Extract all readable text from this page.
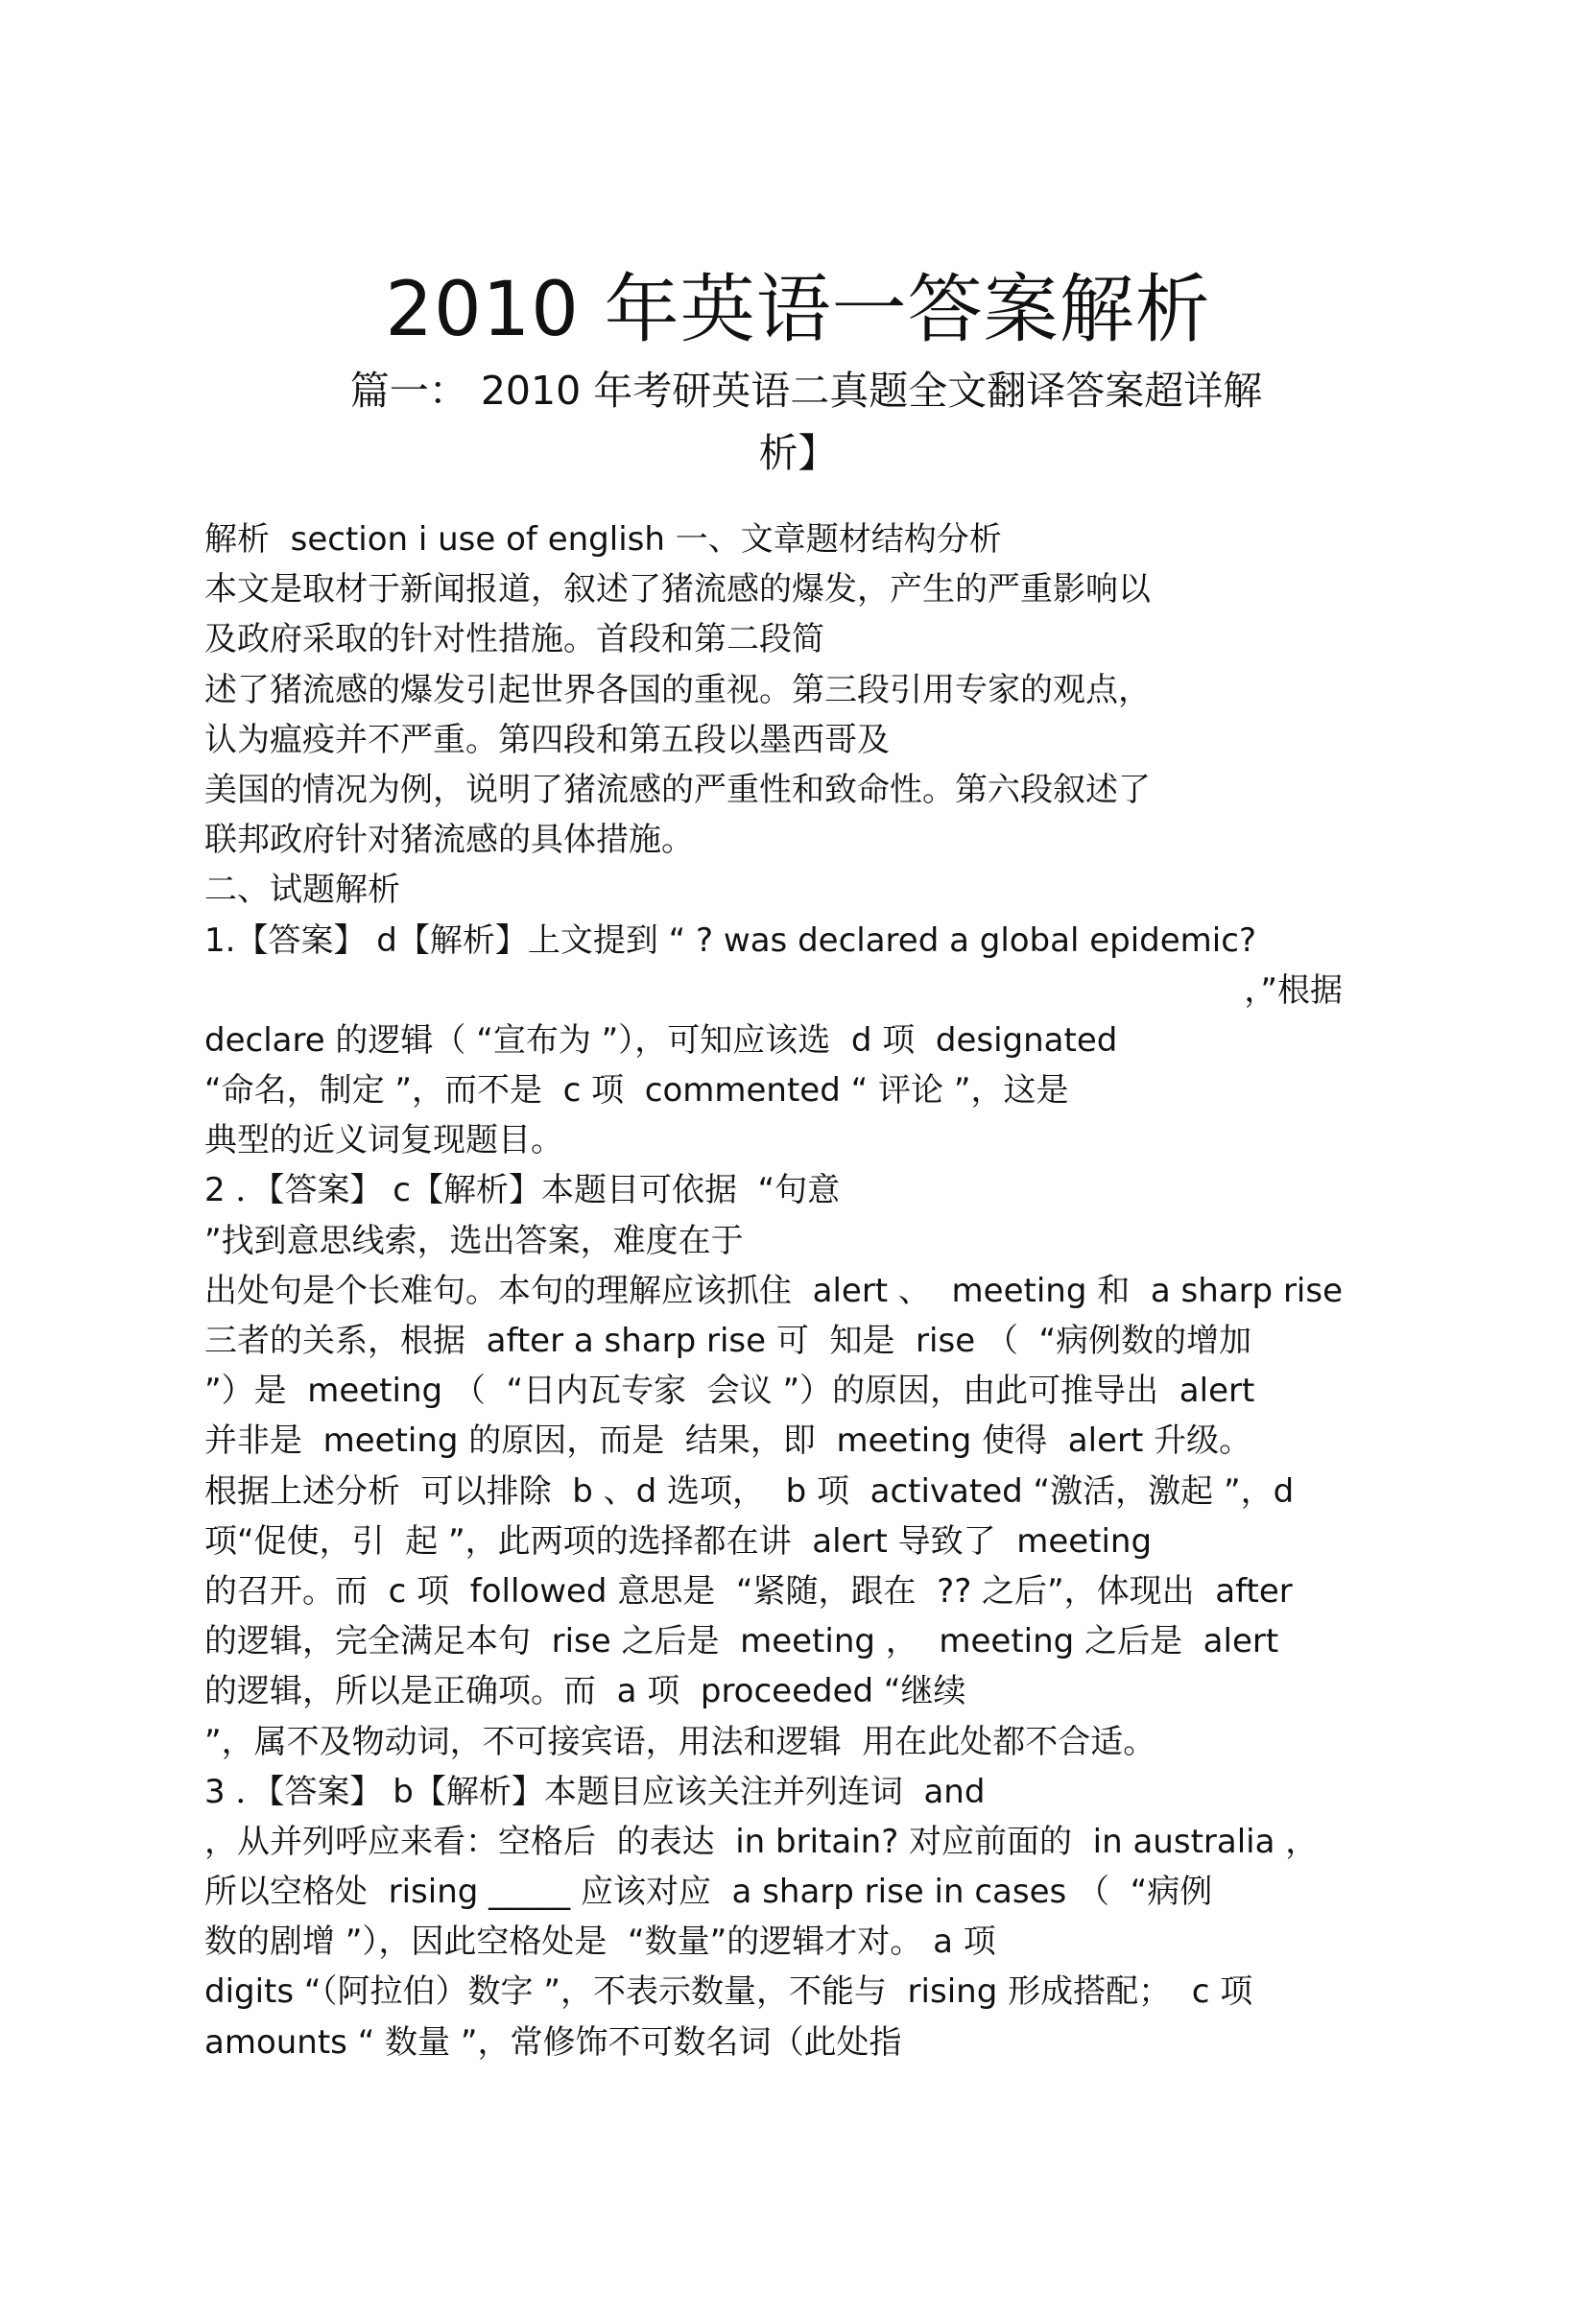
2010 年英语一答案解析
篇一： 2010 年考研英语二真题全文翻译答案超详解
析】
解析  section i use of english 一、文章题材结构分析
本文是取材于新闻报道，叙述了猪流感的爆发，产生的严重影响以
及政府采取的针对性措施。首段和第二段简
述了猪流感的爆发引起世界各国的重视。第三段引用专家的观点，
认为瘟疫并不严重。第四段和第五段以墨西哥及
美国的情况为例，说明了猪流感的严重性和致命性。第六段叙述了
联邦政府针对猪流感的具体措施。
二、试题解析
1.【答案】 d【解析】上文提到 “ ? was declared a global epidemic?
，”根据
declare 的逻辑（ “宣布为 ”），可知应该选  d 项  designated
“命名，制定 ”，而不是  c 项  commented “ 评论 ”，这是
典型的近义词复现题目。
2 ．【答案】 c【解析】本题目可依据  “句意
”找到意思线索，选出答案，难度在于
出处句是个长难句。本句的理解应该抓住  alert 、  meeting 和  a sharp rise
三者的关系，根据  after a sharp rise 可  知是  rise （  “病例数的增加
”）是  meeting （  “日内瓦专家  会议 ”）的原因，由此可推导出  alert
并非是  meeting 的原因，而是  结果，即  meeting 使得  alert 升级。
根据上述分析  可以排除  b 、d 选项，  b 项  activated “激活，激起 ”，d
项“促使，引  起 ”，此两项的选择都在讲  alert 导致了  meeting
的召开。而  c 项  followed 意思是  “紧随，跟在  ?? 之后”，体现出  after
的逻辑，完全满足本句  rise 之后是  meeting ，  meeting 之后是  alert
的逻辑，所以是正确项。而  a 项  proceeded “继续
”，属不及物动词，不可接宾语，用法和逻辑  用在此处都不合适。
3 ．【答案】 b【解析】本题目应该关注并列连词  and
，从并列呼应来看：空格后  的表达  in britain? 对应前面的  in australia ，
所以空格处  rising _____ 应该对应  a sharp rise in cases （  “病例
数的剧增 ”），因此空格处是  “数量”的逻辑才对。 a 项
digits “（阿拉伯）数字 ”，不表示数量，不能与  rising 形成搭配；  c 项
amounts “ 数量 ”，常修饰不可数名词（此处指
